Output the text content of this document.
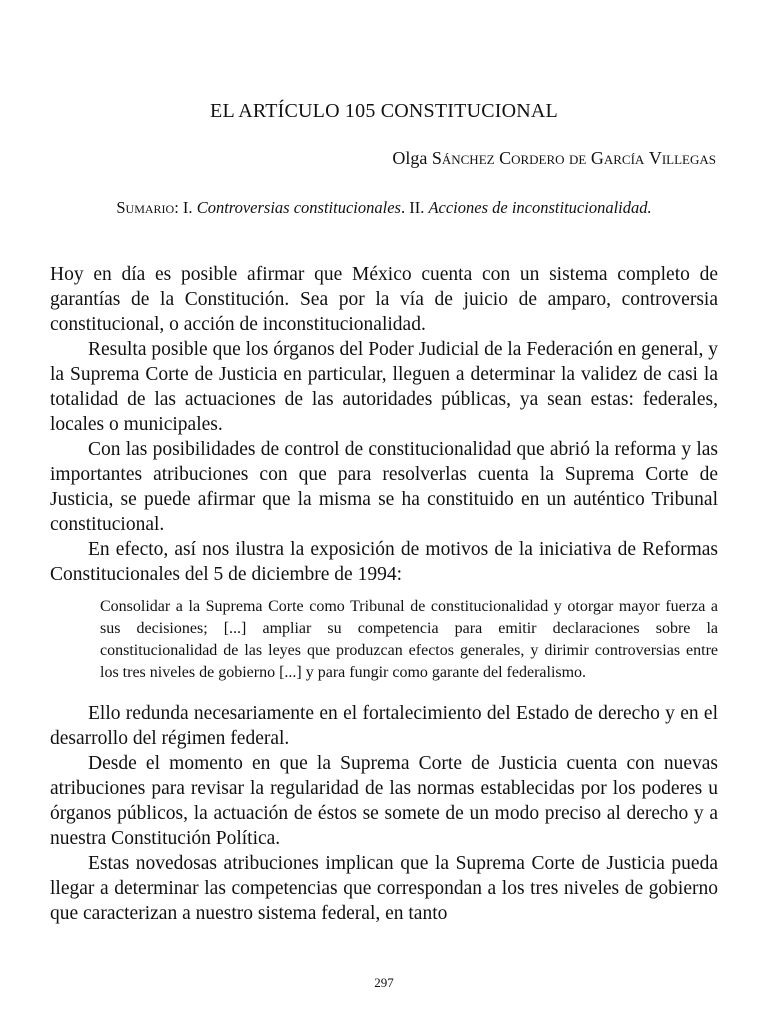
EL ARTÍCULO 105 CONSTITUCIONAL
Olga Sánchez Cordero de García Villegas
Sumario: I. Controversias constitucionales. II. Acciones de inconstitucionalidad.

Hoy en día es posible afirmar que México cuenta con un sistema completo de garantías de la Constitución. Sea por la vía de juicio de amparo, controversia constitucional, o acción de inconstitucionalidad.

Resulta posible que los órganos del Poder Judicial de la Federación en general, y la Suprema Corte de Justicia en particular, lleguen a determinar la validez de casi la totalidad de las actuaciones de las autoridades públicas, ya sean estas: federales, locales o municipales.

Con las posibilidades de control de constitucionalidad que abrió la reforma y las importantes atribuciones con que para resolverlas cuenta la Suprema Corte de Justicia, se puede afirmar que la misma se ha constituido en un auténtico Tribunal constitucional.

En efecto, así nos ilustra la exposición de motivos de la iniciativa de Reformas Constitucionales del 5 de diciembre de 1994:

Consolidar a la Suprema Corte como Tribunal de constitucionalidad y otorgar mayor fuerza a sus decisiones; [...] ampliar su competencia para emitir declaraciones sobre la constitucionalidad de las leyes que produzcan efectos generales, y dirimir controversias entre los tres niveles de gobierno [...] y para fungir como garante del federalismo.

Ello redunda necesariamente en el fortalecimiento del Estado de derecho y en el desarrollo del régimen federal.

Desde el momento en que la Suprema Corte de Justicia cuenta con nuevas atribuciones para revisar la regularidad de las normas establecidas por los poderes u órganos públicos, la actuación de éstos se somete de un modo preciso al derecho y a nuestra Constitución Política.

Estas novedosas atribuciones implican que la Suprema Corte de Justicia pueda llegar a determinar las competencias que correspondan a los tres niveles de gobierno que caracterizan a nuestro sistema federal, en tanto

297
